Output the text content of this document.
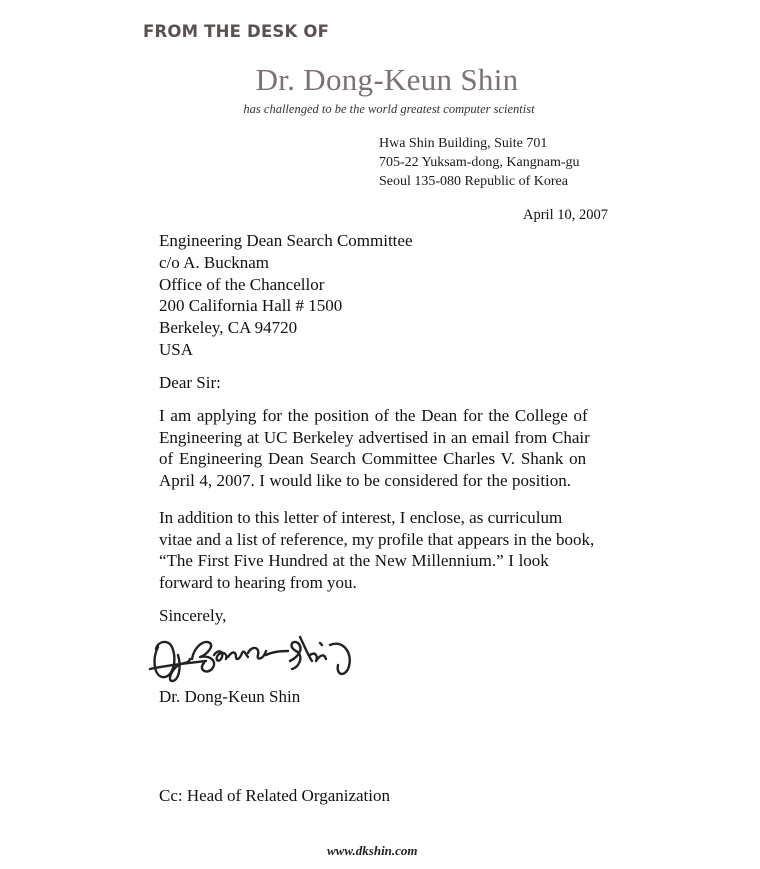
FROM THE DESK OF
Dr. Dong-Keun Shin
has challenged to be the world greatest computer scientist
Hwa Shin Building, Suite 701
705-22 Yuksam-dong, Kangnam-gu
Seoul 135-080 Republic of Korea
April 10, 2007
Engineering Dean Search Committee
c/o A. Bucknam
Office of the Chancellor
200 California Hall # 1500
Berkeley, CA 94720
USA
Dear Sir:
I am applying for the position of the Dean for the College of
Engineering at UC Berkeley advertised in an email from Chair
of Engineering Dean Search Committee Charles V. Shank on
April 4, 2007. I would like to be considered for the position.
In addition to this letter of interest, I enclose, as curriculum
vitae and a list of reference, my profile that appears in the book,
“The First Five Hundred at the New Millennium.” I look
forward to hearing from you.
Sincerely,
Dr. Dong-Keun Shin
Cc: Head of Related Organization
www.dkshin.com
